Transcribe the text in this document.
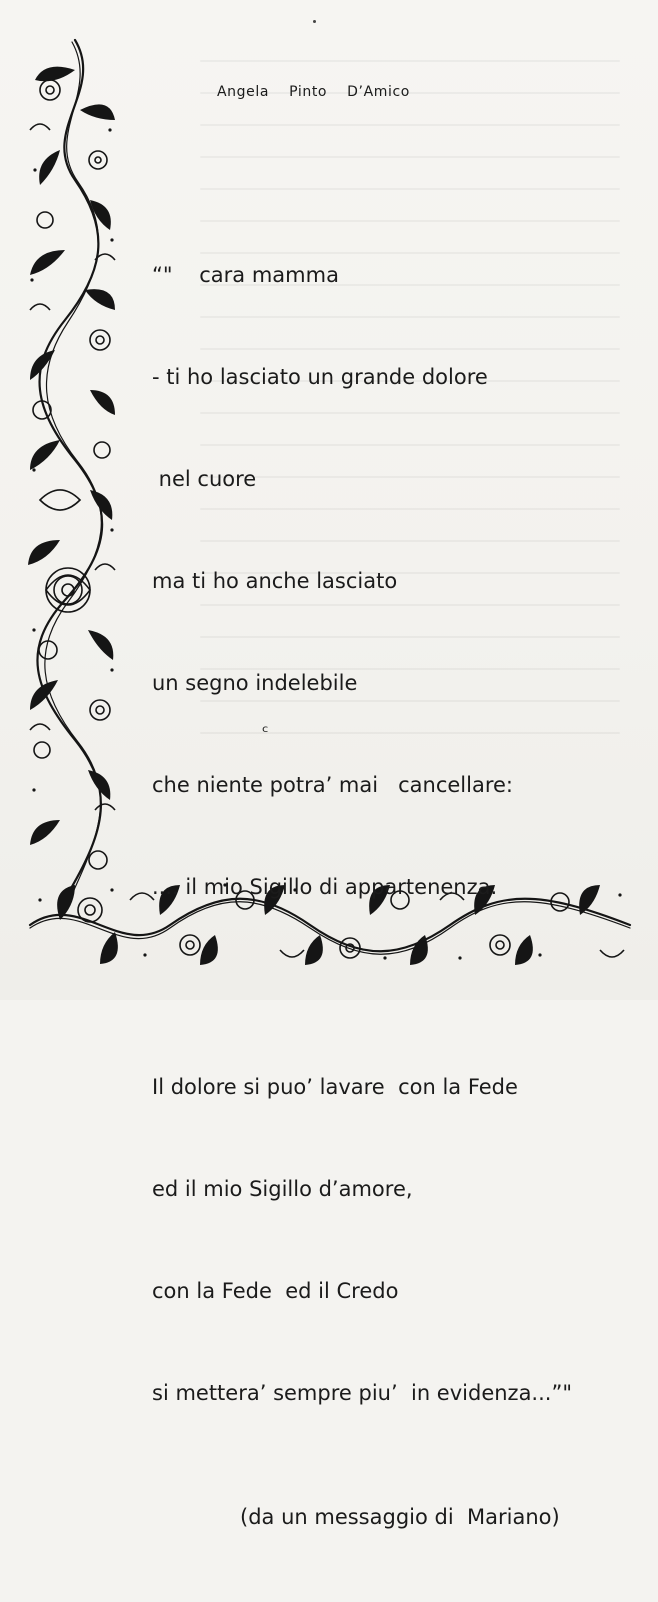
Angela  Pinto  D’Amico

“"    cara mamma

- ti ho lasciato un grande dolore

nel cuore

ma ti ho anche lasciato

un segno indelebile

che niente potra’ mai   cancellare:

.... il mio Sigillo di appartenenza.

Il dolore si puo’ lavare  con la Fede

ed il mio Sigillo d’amore,

con la Fede  ed il Credo

si mettera’ sempre piu’  in evidenza...”"

(da un messaggio di  Mariano)

ᶜ
